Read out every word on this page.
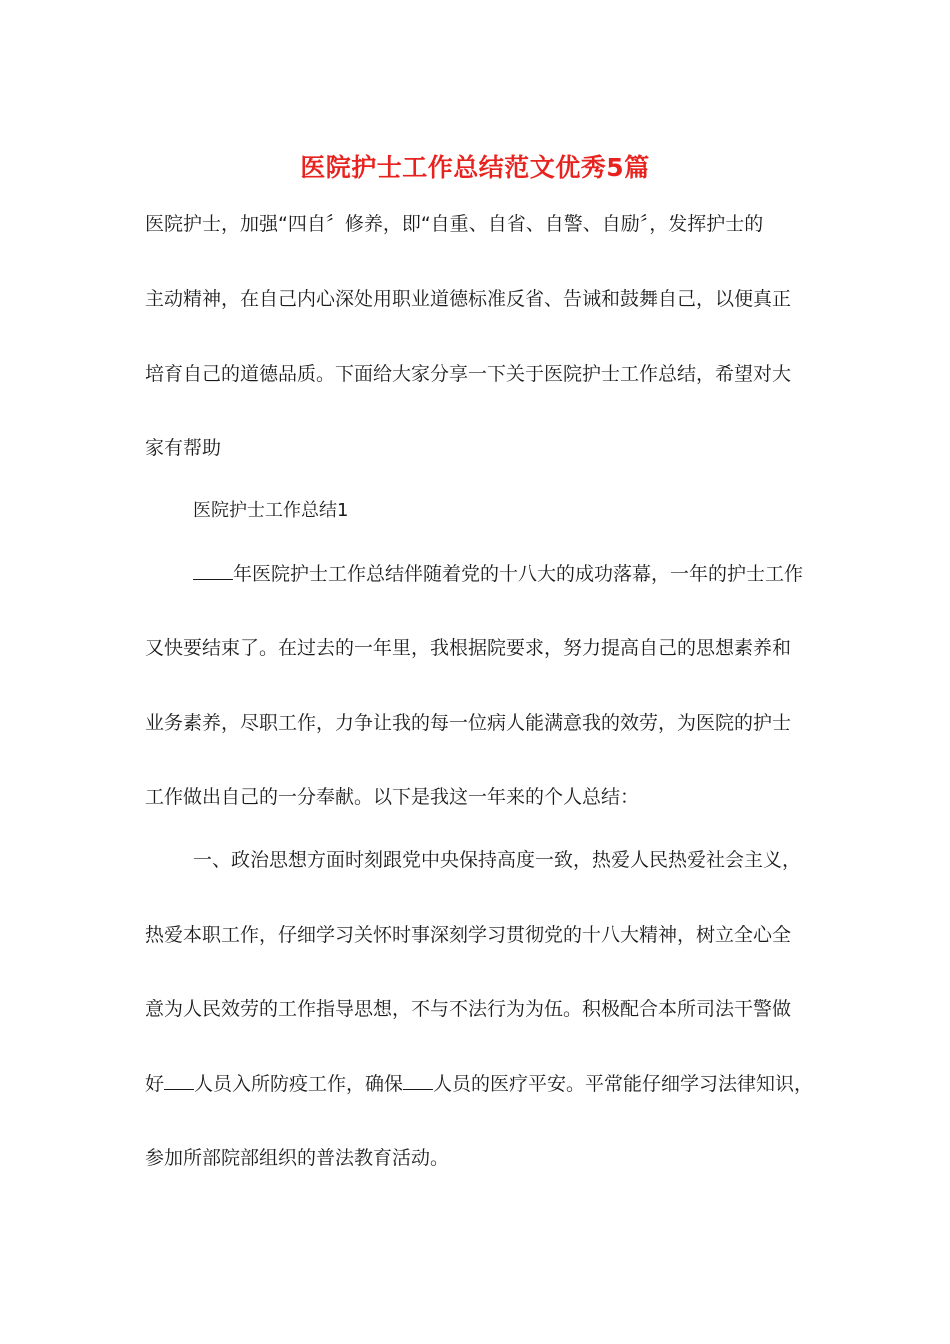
医院护士工作总结范文优秀5篇
医院护士，加强“四自〞修养，即“自重、自省、自警、自励〞，发挥护士的
主动精神，在自己内心深处用职业道德标准反省、告诫和鼓舞自己，以便真正
培育自己的道德品质。下面给大家分享一下关于医院护士工作总结，希望对大
家有帮助
医院护士工作总结1
年医院护士工作总结伴随着党的十八大的成功落幕，一年的护士工作
又快要结束了。在过去的一年里，我根据院要求，努力提高自己的思想素养和
业务素养，尽职工作，力争让我的每一位病人能满意我的效劳，为医院的护士
工作做出自己的一分奉献。以下是我这一年来的个人总结：
一、政治思想方面时刻跟党中央保持高度一致，热爱人民热爱社会主义，
热爱本职工作，仔细学习关怀时事深刻学习贯彻党的十八大精神，树立全心全
意为人民效劳的工作指导思想，不与不法行为为伍。积极配合本所司法干警做
好 人员入所防疫工作，确保 人员的医疗平安。平常能仔细学习法律知识，
参加所部院部组织的普法教育活动。
